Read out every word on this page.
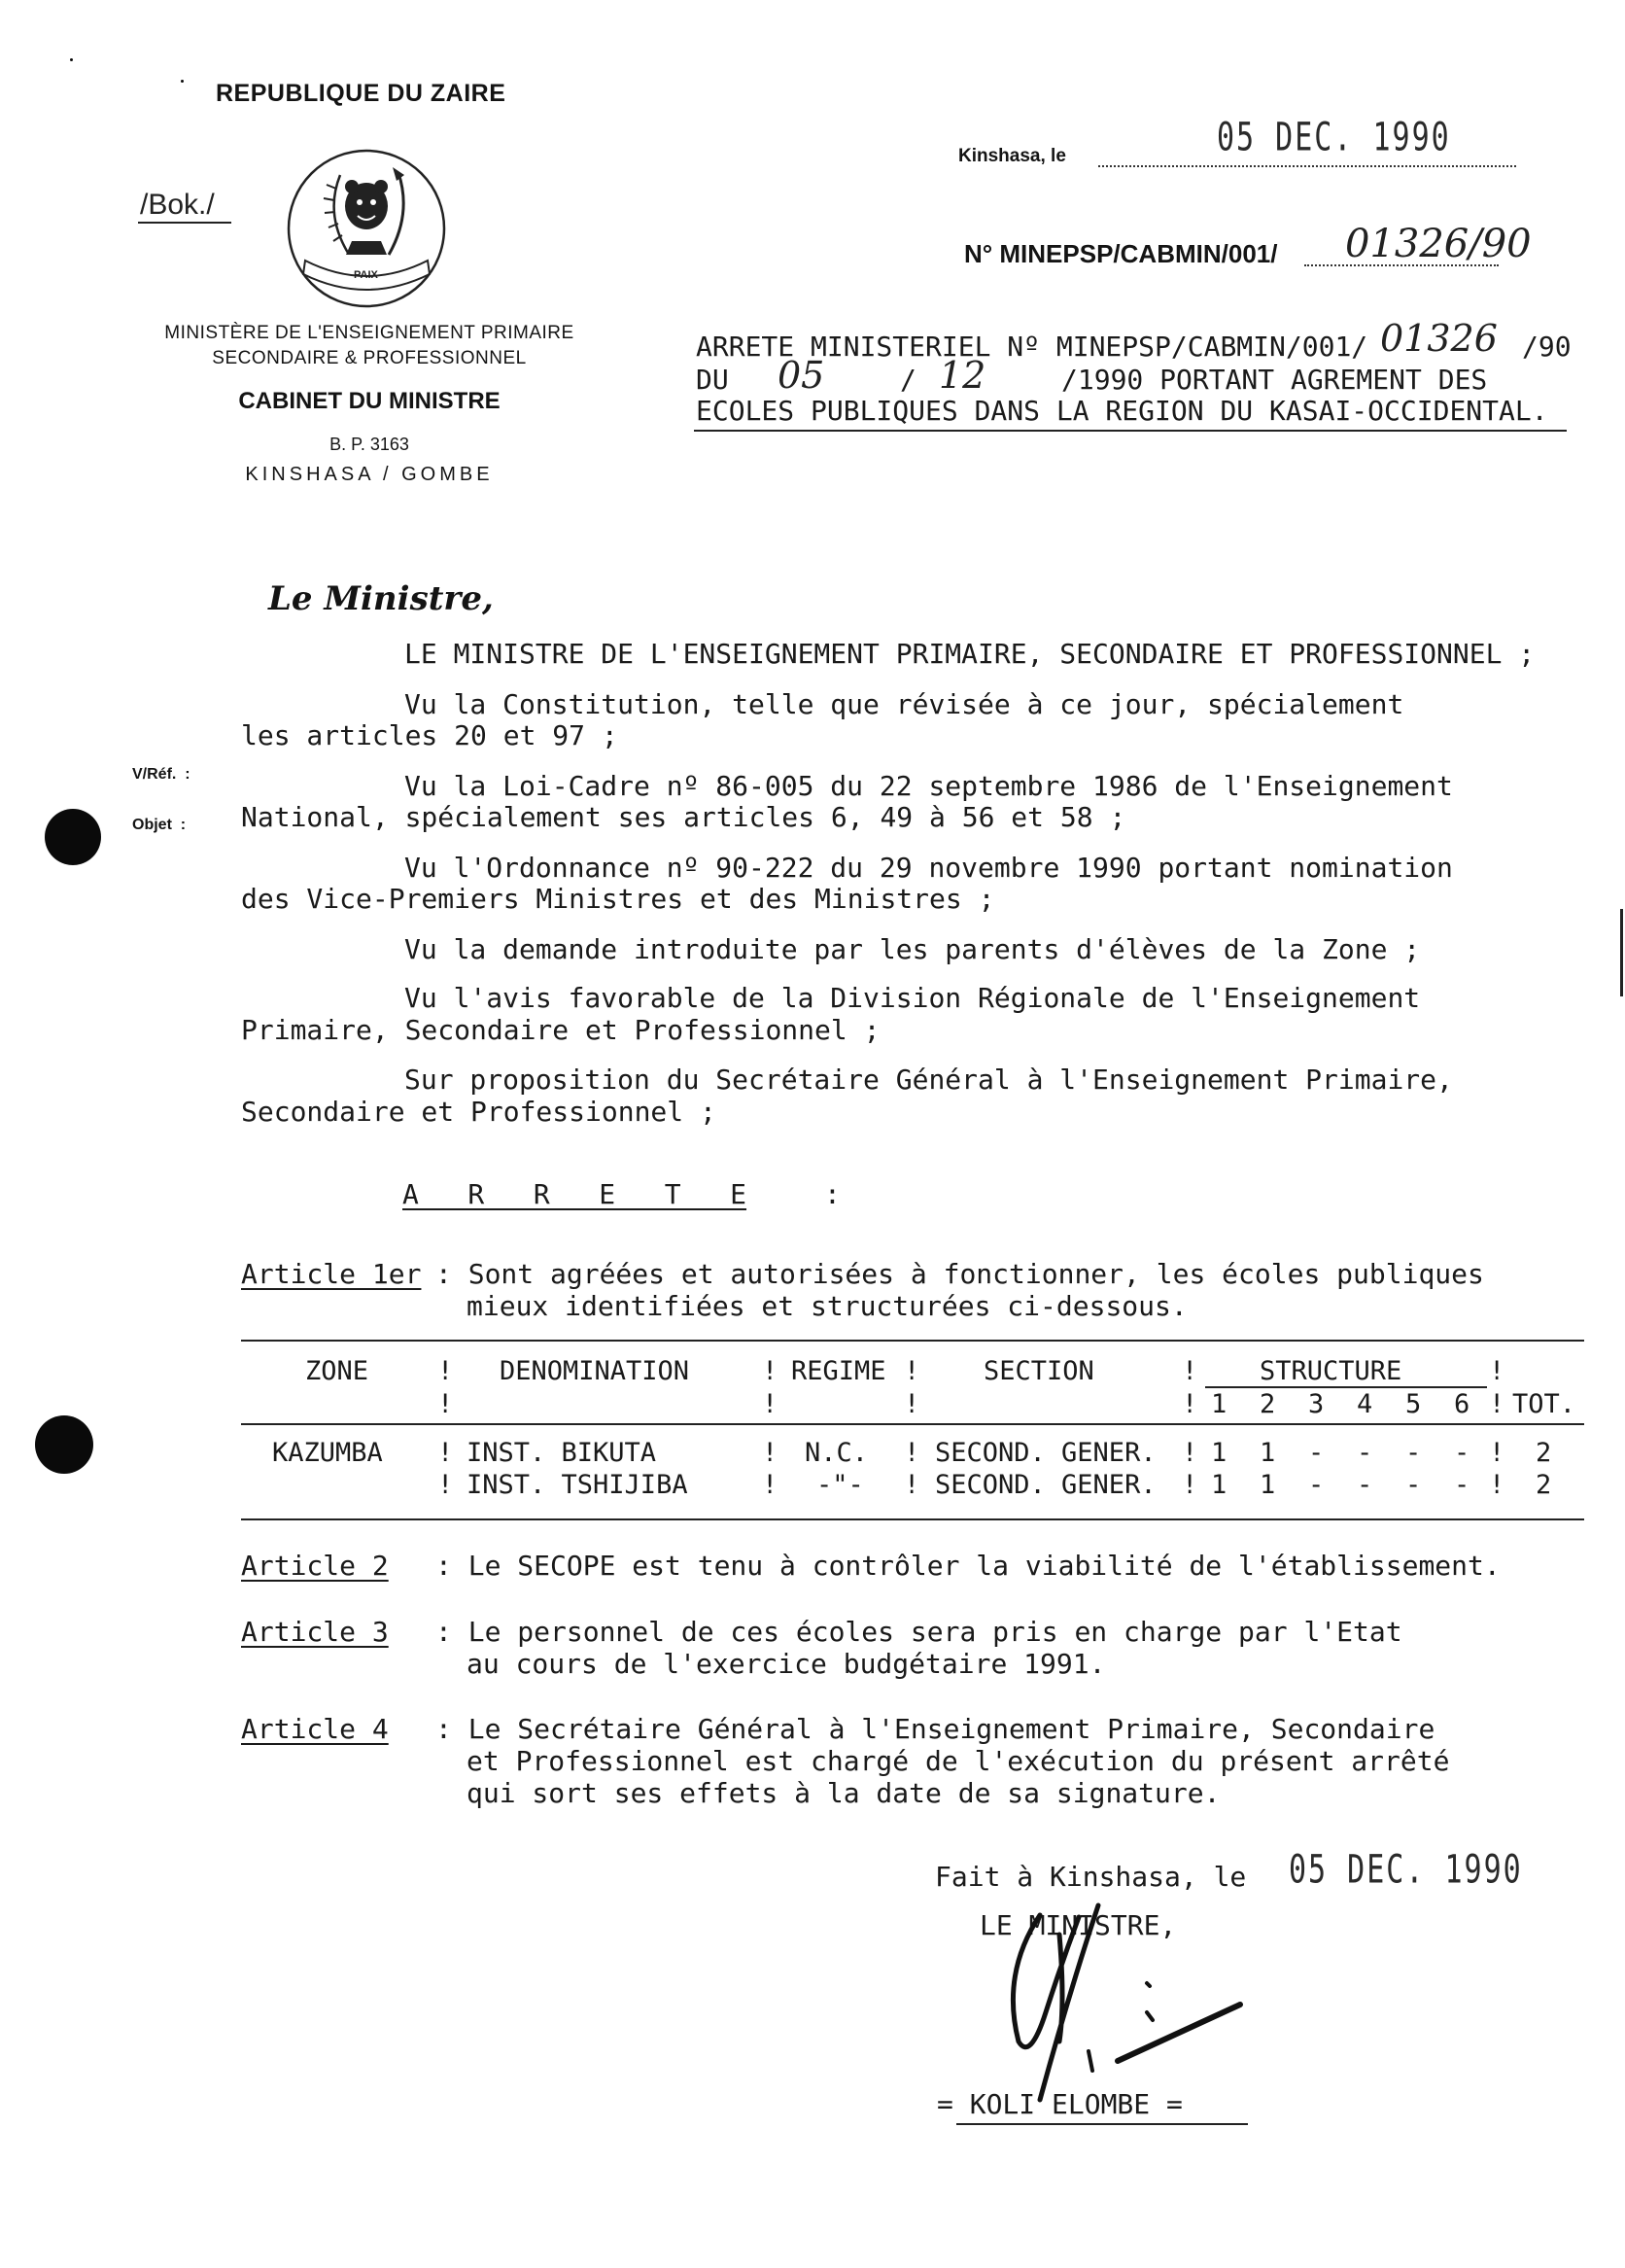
REPUBLIQUE DU ZAIRE
/Bok./
PAIX
MINISTÈRE DE L'ENSEIGNEMENT PRIMAIRE
SECONDAIRE & PROFESSIONNEL
CABINET DU MINISTRE
B. P. 3163
KINSHASA / GOMBE
Kinshasa, le	05 DEC. 1990
N° MINEPSP/CABMIN/001/ 01326/90
ARRETE MINISTERIEL Nº MINEPSP/CABMIN/001/ 01326 /90
DU 05	/ 12	/1990 PORTANT AGREMENT DES
ECOLES PUBLIQUES DANS LA REGION DU KASAI-OCCIDENTAL.
V/Réf.  :
Objet  :
Le Ministre,
LE MINISTRE DE L'ENSEIGNEMENT PRIMAIRE, SECONDAIRE ET PROFESSIONNEL ;
Vu la Constitution, telle que révisée à ce jour, spécialement
les articles 20 et 97 ;
Vu la Loi-Cadre nº 86-005 du 22 septembre 1986 de l'Enseignement
National, spécialement ses articles 6, 49 à 56 et 58 ;
Vu l'Ordonnance nº 90-222 du 29 novembre 1990 portant nomination
des Vice-Premiers Ministres et des Ministres ;
Vu la demande introduite par les parents d'élèves de la Zone ;
Vu l'avis favorable de la Division Régionale de l'Enseignement
Primaire, Secondaire et Professionnel ;
Sur proposition du Secrétaire Général à l'Enseignement Primaire,
Secondaire et Professionnel ;
A   R   R   E   T   E	:
Article 1er : Sont agréées et autorisées à fonctionner, les écoles publiques
mieux identifiées et structurées ci-dessous.
ZONE	! DENOMINATION	! REGIME ! SECTION	! STRUCTURE	!
!	!	!	! 1 2 3 4 5 6 ! TOT.
KAZUMBA ! INST. BIKUTA	! N.C. ! SECOND. GENER. ! 1 1 - - - - ! 2
! INST. TSHIJIBA	! -"- ! SECOND. GENER. ! 1 1 - - - - ! 2
Article 2 : Le SECOPE est tenu à contrôler la viabilité de l'établissement.
Article 3 : Le personnel de ces écoles sera pris en charge par l'Etat
au cours de l'exercice budgétaire 1991.
Article 4 : Le Secrétaire Général à l'Enseignement Primaire, Secondaire
et Professionnel est chargé de l'exécution du présent arrêté
qui sort ses effets à la date de sa signature.
Fait à Kinshasa, le 05 DEC. 1990
LE MINISTRE,
= KOLI ELOMBE =
